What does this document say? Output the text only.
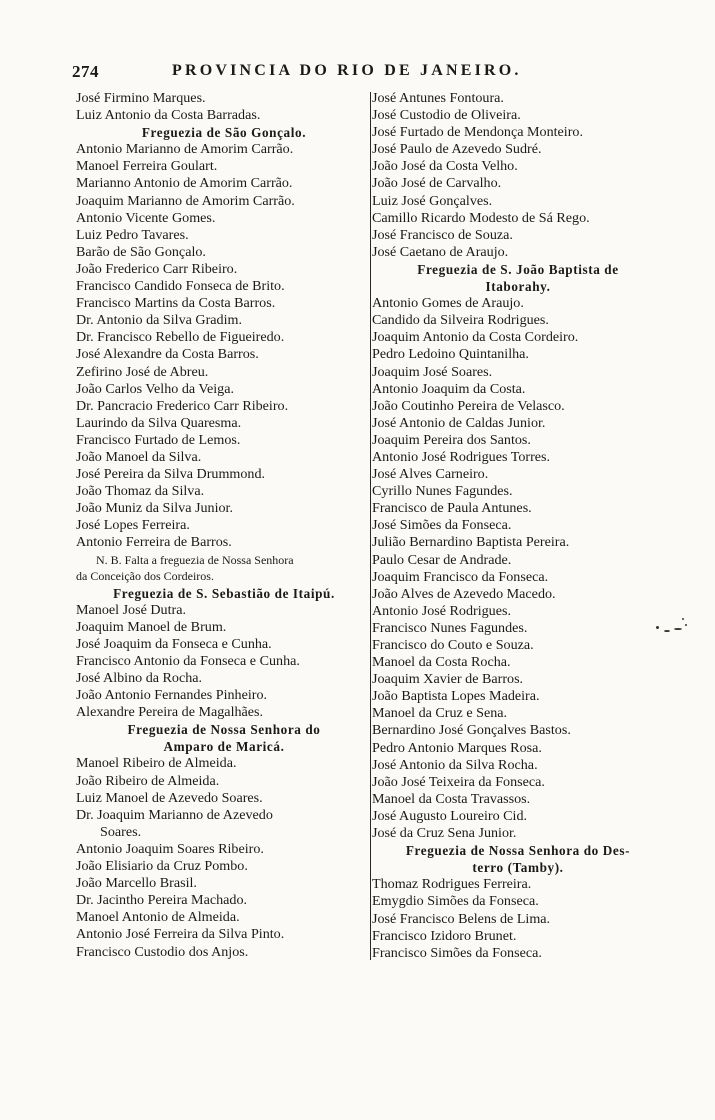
274	PROVINCIA DO RIO DE JANEIRO.
José Firmino Marques.
Luiz Antonio da Costa Barradas.
Freguezia de São Gonçalo.
Antonio Marianno de Amorim Carrão.
Manoel Ferreira Goulart.
Marianno Antonio de Amorim Carrão.
Joaquim Marianno de Amorim Carrão.
Antonio Vicente Gomes.
Luiz Pedro Tavares.
Barão de São Gonçalo.
João Frederico Carr Ribeiro.
Francisco Candido Fonseca de Brito.
Francisco Martins da Costa Barros.
Dr. Antonio da Silva Gradim.
Dr. Francisco Rebello de Figueiredo.
José Alexandre da Costa Barros.
Zefirino José de Abreu.
João Carlos Velho da Veiga.
Dr. Pancracio Frederico Carr Ribeiro.
Laurindo da Silva Quaresma.
Francisco Furtado de Lemos.
João Manoel da Silva.
José Pereira da Silva Drummond.
João Thomaz da Silva.
João Muniz da Silva Junior.
José Lopes Ferreira.
Antonio Ferreira de Barros.
N. B. Falta a freguezia de Nossa Senhora
da Conceição dos Cordeiros.
Freguezia de S. Sebastião de Itaipú.
Manoel José Dutra.
Joaquim Manoel de Brum.
José Joaquim da Fonseca e Cunha.
Francisco Antonio da Fonseca e Cunha.
José Albino da Rocha.
João Antonio Fernandes Pinheiro.
Alexandre Pereira de Magalhães.
Freguezia de Nossa Senhora do
Amparo de Maricá.
Manoel Ribeiro de Almeida.
João Ribeiro de Almeida.
Luiz Manoel de Azevedo Soares.
Dr. Joaquim Marianno de Azevedo
Soares.
Antonio Joaquim Soares Ribeiro.
João Elisiario da Cruz Pombo.
João Marcello Brasil.
Dr. Jacintho Pereira Machado.
Manoel Antonio de Almeida.
Antonio José Ferreira da Silva Pinto.
Francisco Custodio dos Anjos.
José Antunes Fontoura.
José Custodio de Oliveira.
José Furtado de Mendonça Monteiro.
José Paulo de Azevedo Sudré.
João José da Costa Velho.
João José de Carvalho.
Luiz José Gonçalves.
Camillo Ricardo Modesto de Sá Rego.
José Francisco de Souza.
José Caetano de Araujo.
Freguezia de S. João Baptista de
Itaborahy.
Antonio Gomes de Araujo.
Candido da Silveira Rodrigues.
Joaquim Antonio da Costa Cordeiro.
Pedro Ledoino Quintanilha.
Joaquim José Soares.
Antonio Joaquim da Costa.
João Coutinho Pereira de Velasco.
José Antonio de Caldas Junior.
Joaquim Pereira dos Santos.
Antonio José Rodrigues Torres.
José Alves Carneiro.
Cyrillo Nunes Fagundes.
Francisco de Paula Antunes.
José Simões da Fonseca.
Julião Bernardino Baptista Pereira.
Paulo Cesar de Andrade.
Joaquim Francisco da Fonseca.
João Alves de Azevedo Macedo.
Antonio José Rodrigues.
Francisco Nunes Fagundes.
Francisco do Couto e Souza.
Manoel da Costa Rocha.
Joaquim Xavier de Barros.
João Baptista Lopes Madeira.
Manoel da Cruz e Sena.
Bernardino José Gonçalves Bastos.
Pedro Antonio Marques Rosa.
José Antonio da Silva Rocha.
João José Teixeira da Fonseca.
Manoel da Costa Travassos.
José Augusto Loureiro Cid.
José da Cruz Sena Junior.
Freguezia de Nossa Senhora do Des-
terro (Tamby).
Thomaz Rodrigues Ferreira.
Emygdio Simões da Fonseca.
José Francisco Belens de Lima.
Francisco Izidoro Brunet.
Francisco Simões da Fonseca.
